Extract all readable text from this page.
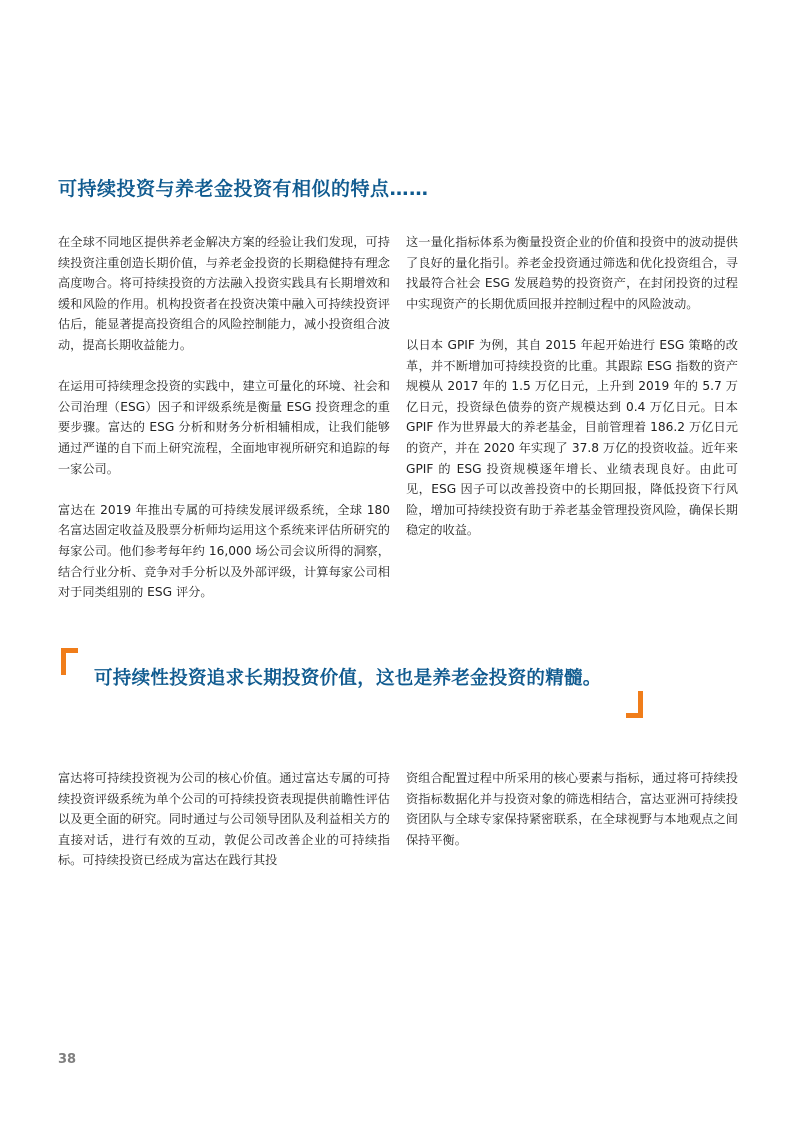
可持续投资与养老金投资有相似的特点……

在全球不同地区提供养老金解决方案的经验让我们发现，可持续投资注重创造长期价值，与养老金投资的长期稳健持有理念高度吻合。将可持续投资的方法融入投资实践具有长期增效和缓和风险的作用。机构投资者在投资决策中融入可持续投资评估后，能显著提高投资组合的风险控制能力，减小投资组合波动，提高长期收益能力。

在运用可持续理念投资的实践中，建立可量化的环境、社会和公司治理（ESG）因子和评级系统是衡量 ESG 投资理念的重要步骤。富达的 ESG 分析和财务分析相辅相成，让我们能够通过严谨的自下而上研究流程，全面地审视所研究和追踪的每一家公司。

富达在 2019 年推出专属的可持续发展评级系统，全球 180 名富达固定收益及股票分析师均运用这个系统来评估所研究的每家公司。他们参考每年约 16,000 场公司会议所得的洞察，结合行业分析、竞争对手分析以及外部评级，计算每家公司相对于同类组别的 ESG 评分。

这一量化指标体系为衡量投资企业的价值和投资中的波动提供了良好的量化指引。养老金投资通过筛选和优化投资组合，寻找最符合社会 ESG 发展趋势的投资资产，在封闭投资的过程中实现资产的长期优质回报并控制过程中的风险波动。

以日本 GPIF 为例，其自 2015 年起开始进行 ESG 策略的改革，并不断增加可持续投资的比重。其跟踪 ESG 指数的资产规模从 2017 年的 1.5 万亿日元，上升到 2019 年的 5.7 万亿日元，投资绿色债券的资产规模达到 0.4 万亿日元。日本 GPIF 作为世界最大的养老基金，目前管理着 186.2 万亿日元的资产，并在 2020 年实现了 37.8 万亿的投资收益。近年来 GPIF 的 ESG 投资规模逐年增长、业绩表现良好。由此可见，ESG 因子可以改善投资中的长期回报，降低投资下行风险，增加可持续投资有助于养老基金管理投资风险，确保长期稳定的收益。

可持续性投资追求长期投资价值，这也是养老金投资的精髓。

富达将可持续投资视为公司的核心价值。通过富达专属的可持续投资评级系统为单个公司的可持续投资表现提供前瞻性评估以及更全面的研究。同时通过与公司领导团队及利益相关方的直接对话，进行有效的互动，敦促公司改善企业的可持续指标。可持续投资已经成为富达在践行其投

资组合配置过程中所采用的核心要素与指标，通过将可持续投资指标数据化并与投资对象的筛选相结合，富达亚洲可持续投资团队与全球专家保持紧密联系，在全球视野与本地观点之间保持平衡。

38
